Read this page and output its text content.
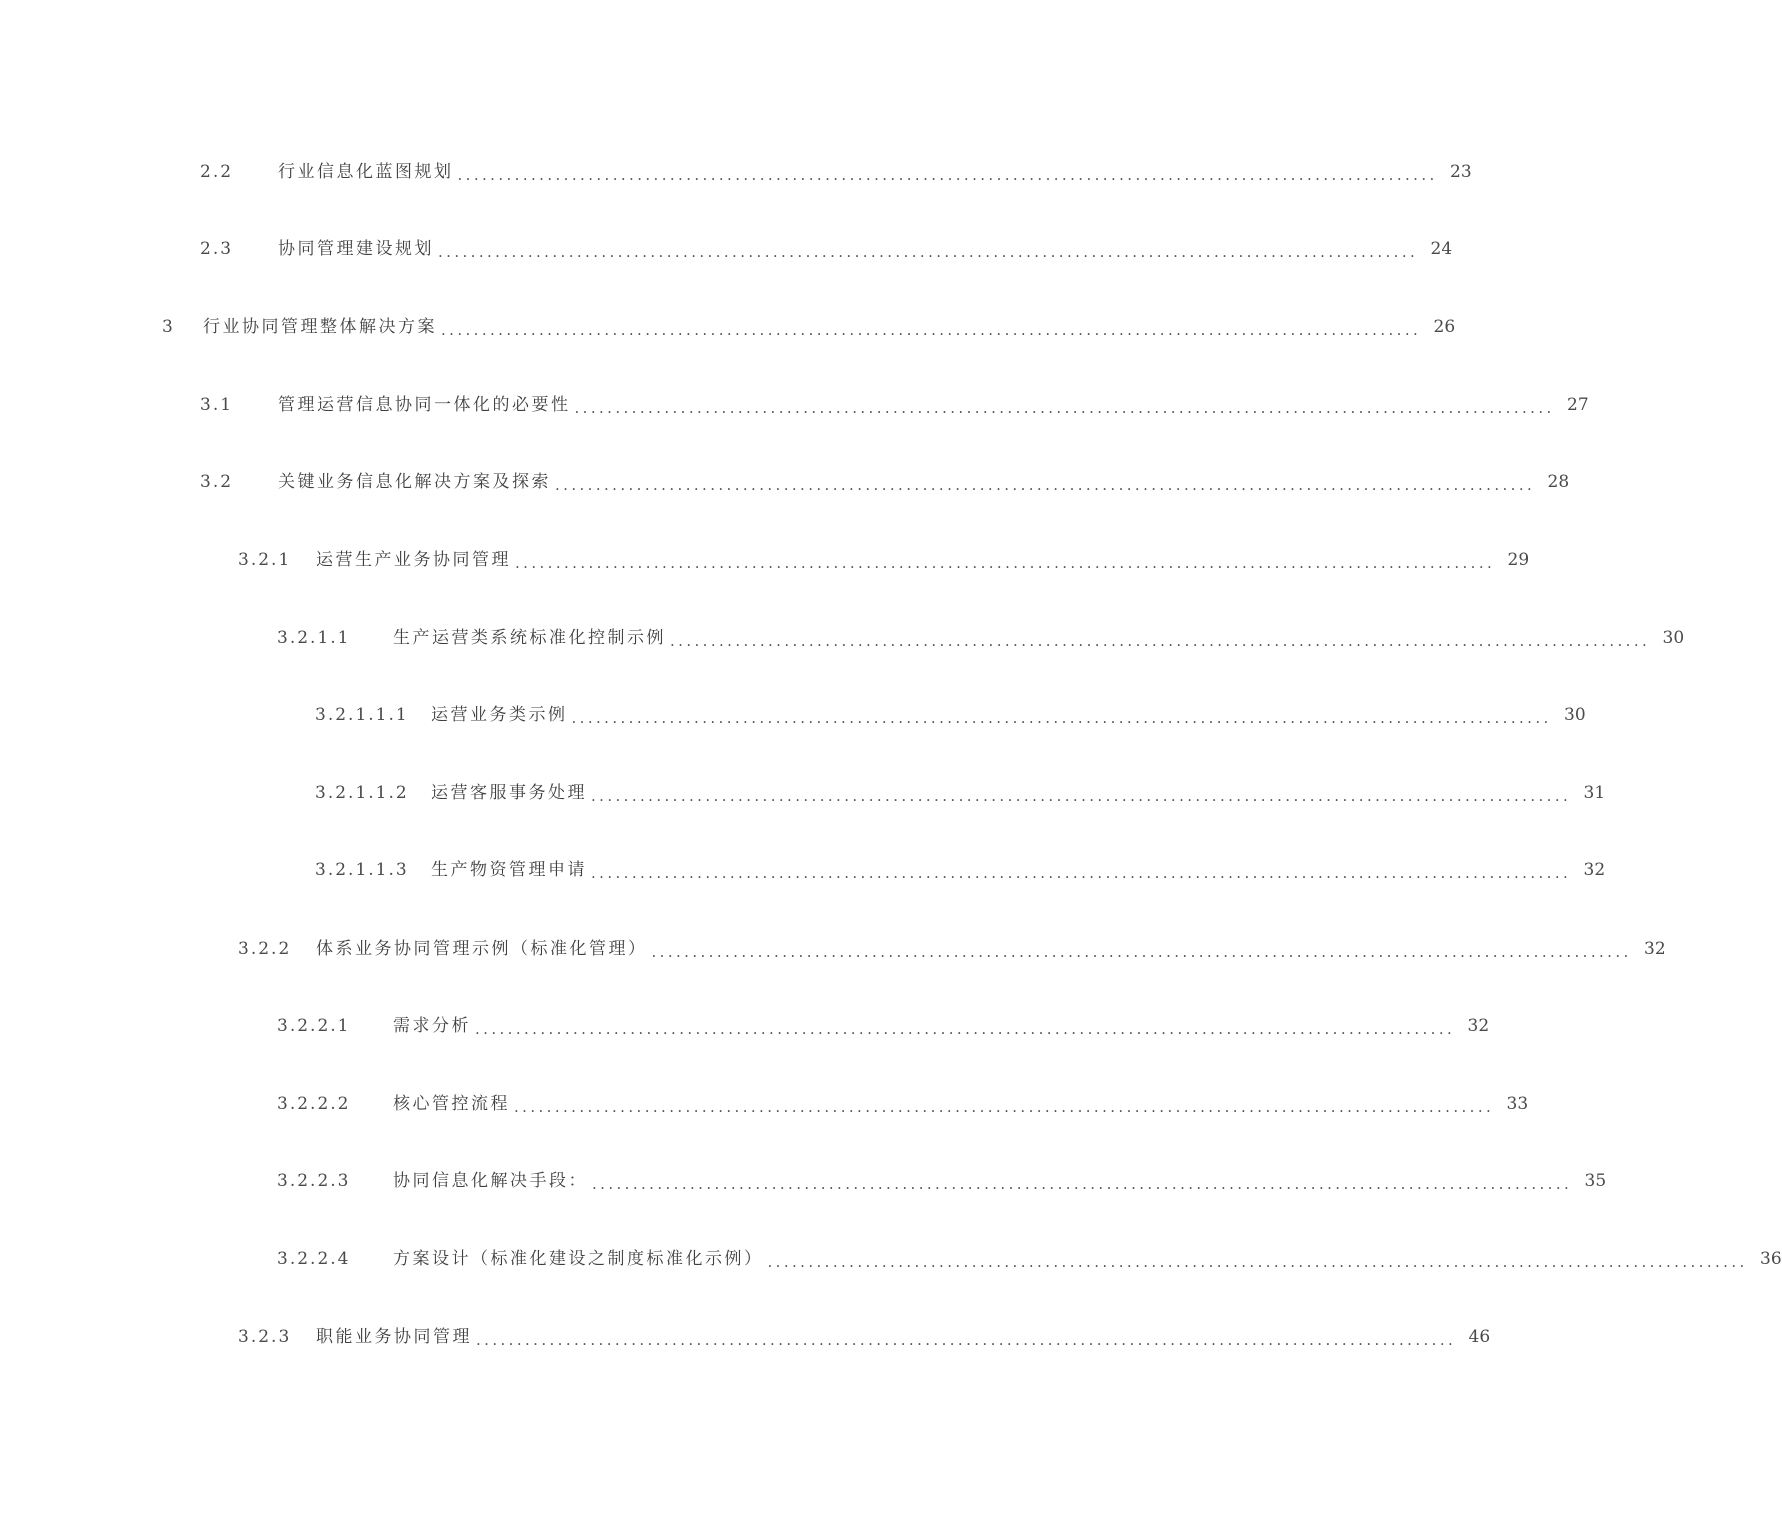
2.2	行业信息化蓝图规划 ........................................................................................................................ 23
2.3	协同管理建设规划 ........................................................................................................................ 24
3	行业协同管理整体解决方案 ........................................................................................................................ 26
3.1	管理运营信息协同一体化的必要性 ........................................................................................................................ 27
3.2	关键业务信息化解决方案及探索 ........................................................................................................................ 28
3.2.1	运营生产业务协同管理 ........................................................................................................................ 29
3.2.1.1	生产运营类系统标准化控制示例 ........................................................................................................................ 30
3.2.1.1.1	运营业务类示例 ........................................................................................................................ 30
3.2.1.1.2	运营客服事务处理 ........................................................................................................................ 31
3.2.1.1.3	生产物资管理申请 ........................................................................................................................ 32
3.2.2	体系业务协同管理示例（标准化管理） ........................................................................................................................ 32
3.2.2.1	需求分析 ........................................................................................................................ 32
3.2.2.2	核心管控流程 ........................................................................................................................ 33
3.2.2.3	协同信息化解决手段： ........................................................................................................................ 35
3.2.2.4	方案设计（标准化建设之制度标准化示例） ........................................................................................................................ 36
3.2.3	职能业务协同管理 ........................................................................................................................ 46
